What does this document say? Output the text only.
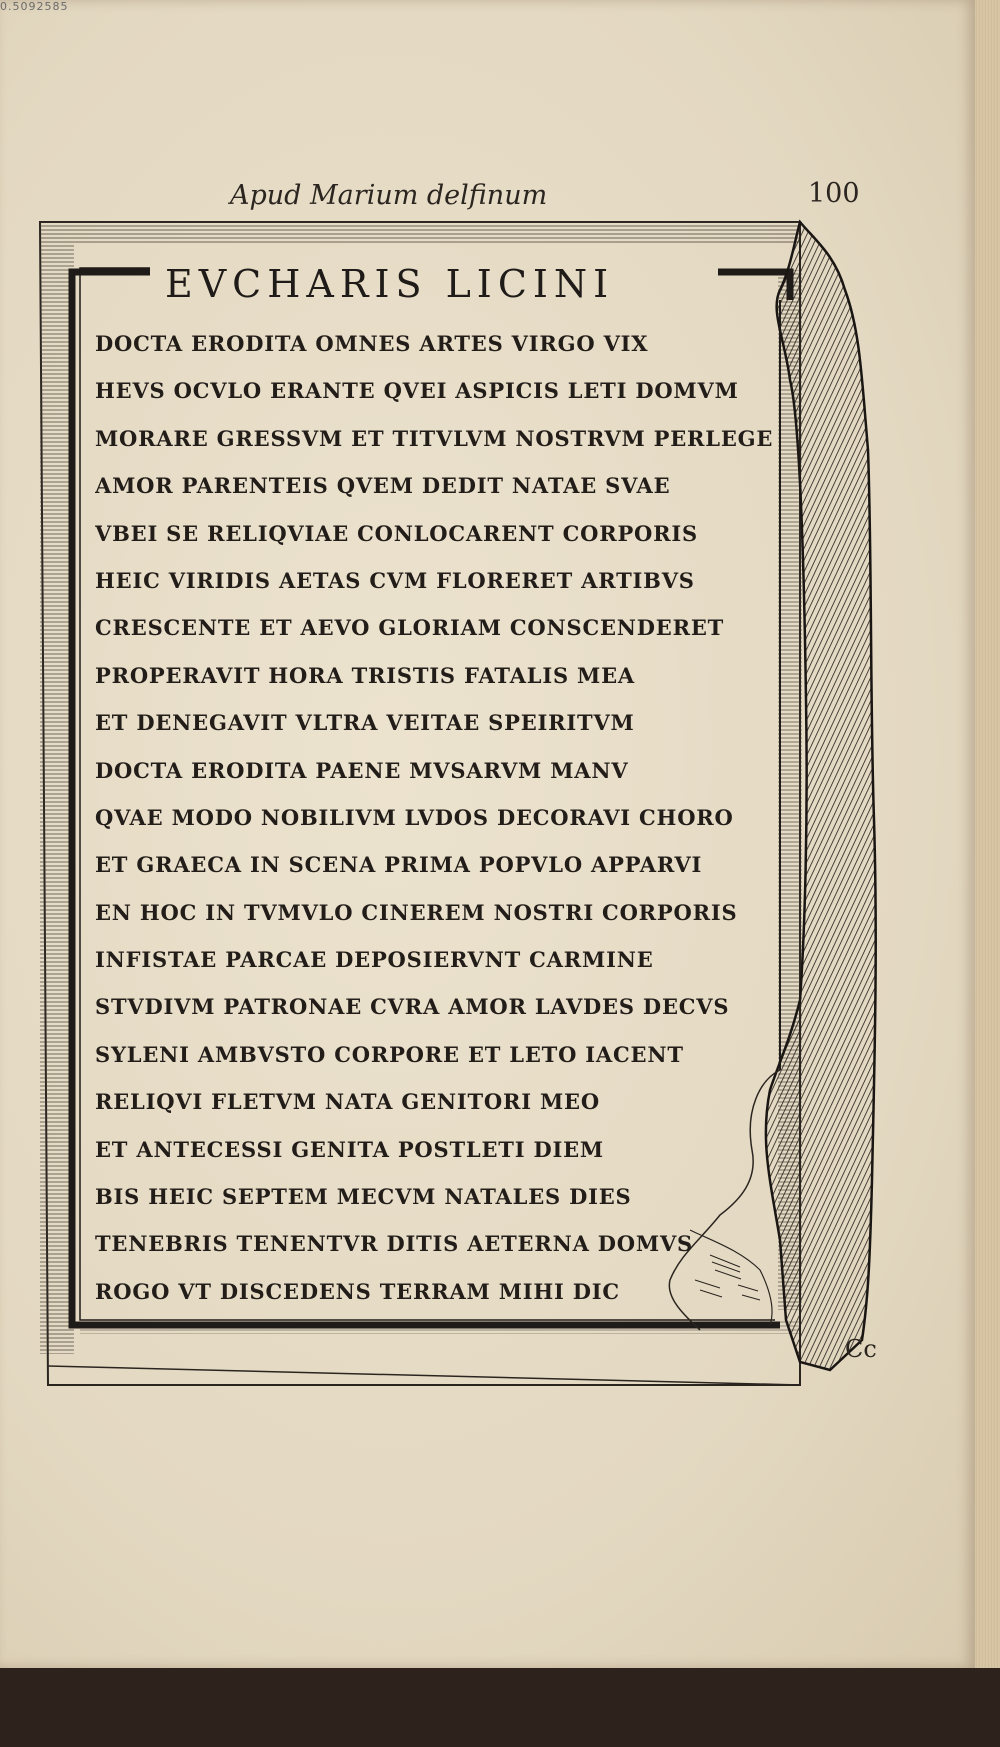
0.5092585
Apud Marium delfinum	100
EVCHARIS LICINI
DOCTA ERODITA OMNES ARTES VIRGO VIX
HEVS OCVLO ERANTE QVEI ASPICIS LETI DOMVM
MORARE GRESSVM ET TITVLVM NOSTRVM PERLEGE
AMOR PARENTEIS QVEM DEDIT NATAE SVAE
VBEI SE RELIQVIAE CONLOCARENT CORPORIS
HEIC VIRIDIS AETAS CVM FLORERET ARTIBVS
CRESCENTE ET AEVO GLORIAM CONSCENDERET
PROPERAVIT HORA TRISTIS FATALIS MEA
ET DENEGAVIT VLTRA VEITAE SPEIRITVM
DOCTA ERODITA PAENE MVSARVM MANV
QVAE MODO NOBILIVM LVDOS DECORAVI CHORO
ET GRAECA IN SCENA PRIMA POPVLO APPARVI
EN HOC IN TVMVLO CINEREM NOSTRI CORPORIS
INFISTAE PARCAE DEPOSIERVNT CARMINE
STVDIVM PATRONAE CVRA AMOR LAVDES DECVS
SYLENI AMBVSTO CORPORE ET LETO IACENT
RELIQVI FLETVM NATA GENITORI MEO
ET ANTECESSI GENITA POSTLETI DIEM
BIS HEIC SEPTEM MECVM NATALES DIES
TENEBRIS TENENTVR DITIS AETERNA DOMVS
ROGO VT DISCEDENS TERRAM MIHI DIC
Cc
